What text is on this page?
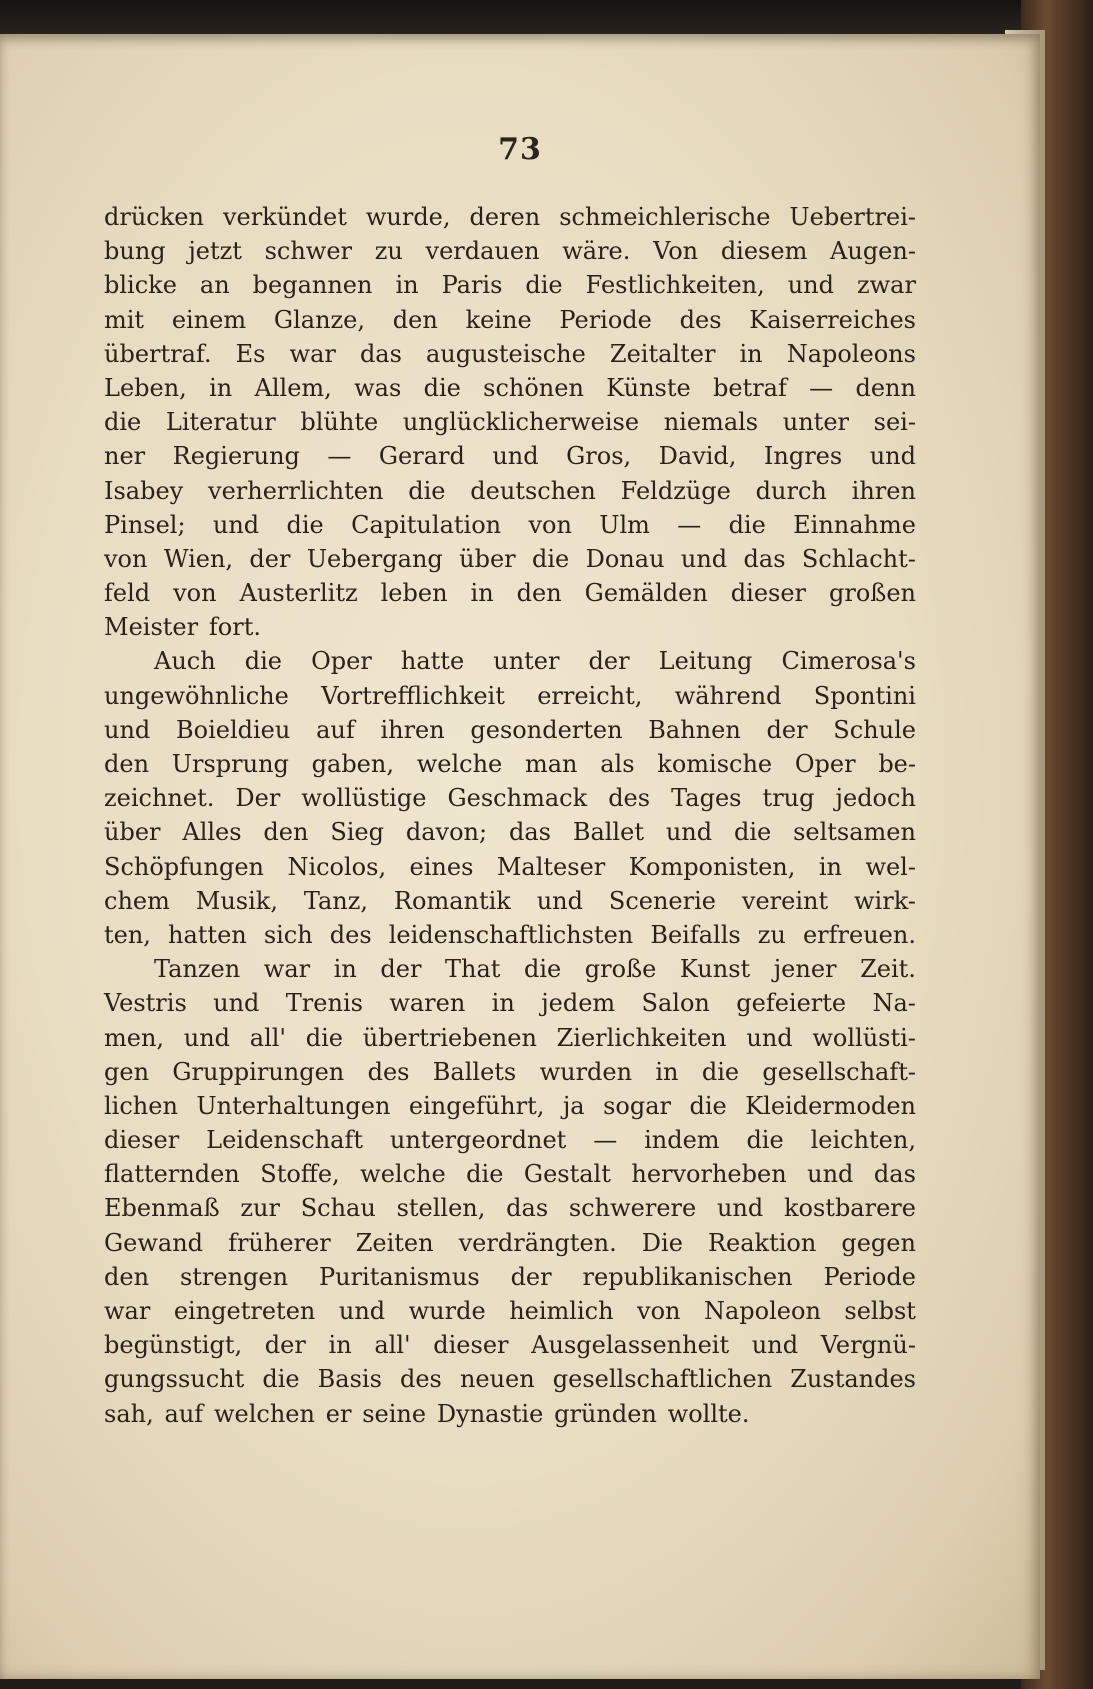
73
drücken verkündet wurde, deren schmeichlerische Uebertrei-
bung jetzt schwer zu verdauen wäre. Von diesem Augen-
blicke an begannen in Paris die Festlichkeiten, und zwar
mit einem Glanze, den keine Periode des Kaiserreiches
übertraf. Es war das augusteische Zeitalter in Napoleons
Leben, in Allem, was die schönen Künste betraf — denn
die Literatur blühte unglücklicherweise niemals unter sei-
ner Regierung — Gerard und Gros, David, Ingres und
Isabey verherrlichten die deutschen Feldzüge durch ihren
Pinsel; und die Capitulation von Ulm — die Einnahme
von Wien, der Uebergang über die Donau und das Schlacht-
feld von Austerlitz leben in den Gemälden dieser großen
Meister fort.
Auch die Oper hatte unter der Leitung Cimerosa's
ungewöhnliche Vortrefflichkeit erreicht, während Spontini
und Boieldieu auf ihren gesonderten Bahnen der Schule
den Ursprung gaben, welche man als komische Oper be-
zeichnet. Der wollüstige Geschmack des Tages trug jedoch
über Alles den Sieg davon; das Ballet und die seltsamen
Schöpfungen Nicolos, eines Malteser Komponisten, in wel-
chem Musik, Tanz, Romantik und Scenerie vereint wirk-
ten, hatten sich des leidenschaftlichsten Beifalls zu erfreuen.
Tanzen war in der That die große Kunst jener Zeit.
Vestris und Trenis waren in jedem Salon gefeierte Na-
men, und all' die übertriebenen Zierlichkeiten und wollüsti-
gen Gruppirungen des Ballets wurden in die gesellschaft-
lichen Unterhaltungen eingeführt, ja sogar die Kleidermoden
dieser Leidenschaft untergeordnet — indem die leichten,
flatternden Stoffe, welche die Gestalt hervorheben und das
Ebenmaß zur Schau stellen, das schwerere und kostbarere
Gewand früherer Zeiten verdrängten. Die Reaktion gegen
den strengen Puritanismus der republikanischen Periode
war eingetreten und wurde heimlich von Napoleon selbst
begünstigt, der in all' dieser Ausgelassenheit und Vergnü-
gungssucht die Basis des neuen gesellschaftlichen Zustandes
sah, auf welchen er seine Dynastie gründen wollte.
